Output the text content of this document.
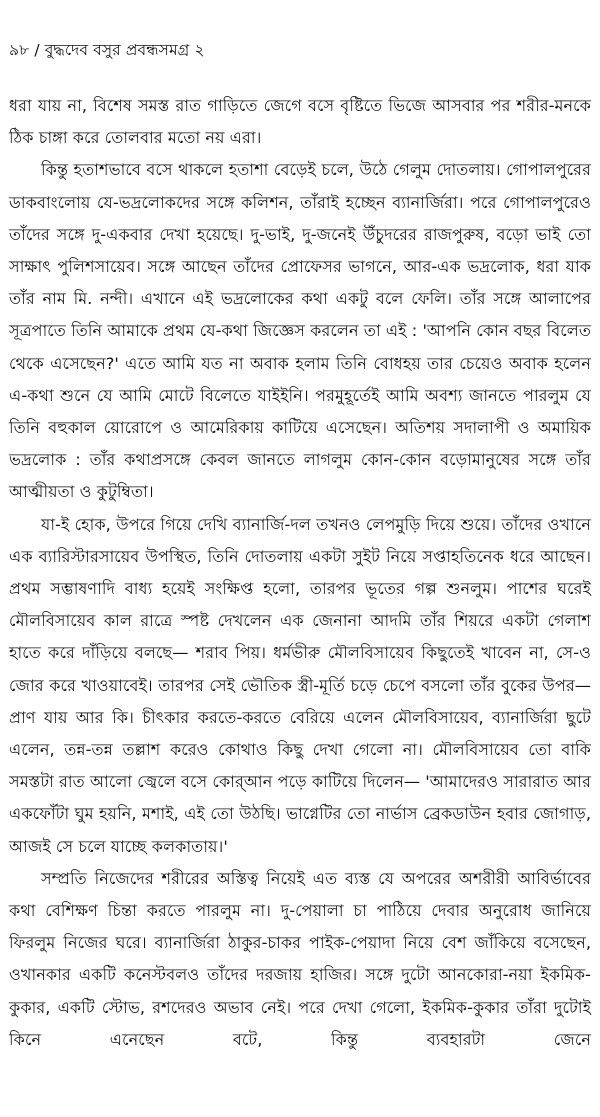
৯৮ / বুদ্ধদেব বসুর প্রবন্ধসমগ্র ২

ধরা যায় না, বিশেষ সমস্ত রাত গাড়িতে জেগে বসে বৃষ্টিতে ভিজে আসবার পর শরীর-মনকে ঠিক চাঙ্গা করে তোলবার মতো নয় এরা।

কিন্তু হতাশভাবে বসে থাকলে হতাশা বেড়েই চলে, উঠে গেলুম দোতলায়। গোপালপুরের ডাকবাংলোয় যে-ভদ্রলোকদের সঙ্গে কলিশন, তাঁরাই হচ্ছেন ব্যানার্জিরা। পরে গোপালপুরেও তাঁদের সঙ্গে দু-একবার দেখা হয়েছে। দু-ভাই, দু-জনেই উঁচুদরের রাজপুরুষ, বড়ো ভাই তো সাক্ষাৎ পুলিশসায়েব। সঙ্গে আছেন তাঁদের প্রোফেসর ভাগনে, আর-এক ভদ্রলোক, ধরা যাক তাঁর নাম মি. নন্দী। এখানে এই ভদ্রলোকের কথা একটু বলে ফেলি। তাঁর সঙ্গে আলাপের সূত্রপাতে তিনি আমাকে প্রথম যে-কথা জিজ্ঞেস করলেন তা এই : 'আপনি কোন বছর বিলেত থেকে এসেছেন?' এতে আমি যত না অবাক হলাম তিনি বোধহয় তার চেয়েও অবাক হলেন এ-কথা শুনে যে আমি মোটে বিলেতে যাইইনি। পরমুহূর্তেই আমি অবশ্য জানতে পারলুম যে তিনি বহুকাল য়োরোপে ও আমেরিকায় কাটিয়ে এসেছেন। অতিশয় সদালাপী ও অমায়িক ভদ্রলোক : তাঁর কথাপ্রসঙ্গে কেবল জানতে লাগলুম কোন-কোন বড়োমানুষের সঙ্গে তাঁর আত্মীয়তা ও কুটুম্বিতা।

যা-ই হোক, উপরে গিয়ে দেখি ব্যানার্জি-দল তখনও লেপমুড়ি দিয়ে শুয়ে। তাঁদের ওখানে এক ব্যারিস্টারসায়েব উপস্থিত, তিনি দোতলায় একটা সুইট নিয়ে সপ্তাহতিনেক ধরে আছেন। প্রথম সম্ভাষণাদি বাধ্য হয়েই সংক্ষিপ্ত হলো, তারপর ভূতের গল্প শুনলুম। পাশের ঘরেই মৌলবিসায়েব কাল রাত্রে স্পষ্ট দেখলেন এক জেনানা আদমি তাঁর শিয়রে একটা গেলাশ হাতে করে দাঁড়িয়ে বলছে— শরাব পিয়। ধর্মভীরু মৌলবিসায়েব কিছুতেই খাবেন না, সে-ও জোর করে খাওয়াবেই। তারপর সেই ভৌতিক স্ত্রী-মূর্তি চড়ে চেপে বসলো তাঁর বুকের উপর— প্রাণ যায় আর কি। চীৎকার করতে-করতে বেরিয়ে এলেন মৌলবিসায়েব, ব্যানার্জিরা ছুটে এলেন, তন্ন-তন্ন তল্লাশ করেও কোথাও কিছু দেখা গেলো না। মৌলবিসায়েব তো বাকি সমস্তটা রাত আলো জ্বেলে বসে কোর্‌আন পড়ে কাটিয়ে দিলেন— 'আমাদেরও সারারাত আর একফোঁটা ঘুম হয়নি, মশাই, এই তো উঠছি। ভাগ্নেটির তো নার্ভাস ব্রেকডাউন হবার জোগাড়, আজই সে চলে যাচ্ছে কলকাতায়।'

সম্প্রতি নিজেদের শরীরের অস্তিত্ব নিয়েই এত ব্যস্ত যে অপরের অশরীরী আবির্ভাবের কথা বেশিক্ষণ চিন্তা করতে পারলুম না। দু-পেয়ালা চা পাঠিয়ে দেবার অনুরোধ জানিয়ে ফিরলুম নিজের ঘরে। ব্যানার্জিরা ঠাকুর-চাকর পাইক-পেয়াদা নিয়ে বেশ জাঁকিয়ে বসেছেন, ওখানকার একটি কনেস্টবলও তাঁদের দরজায় হাজির। সঙ্গে দুটো আনকোরা-নয়া ইকমিক-কুকার, একটি স্টোভ, রশদেরও অভাব নেই। পরে দেখা গেলো, ইকমিক-কুকার তাঁরা দুটোই কিনে এনেছেন বটে, কিন্তু ব্যবহারটা জেনে
